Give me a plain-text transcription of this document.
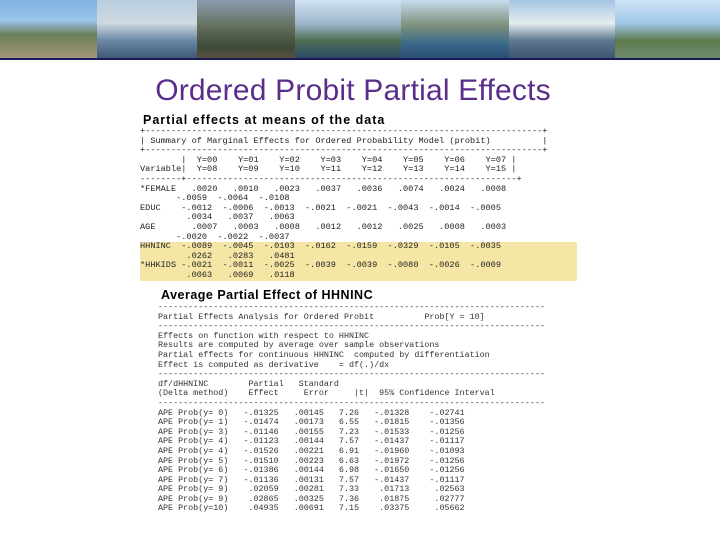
Ordered Probit Partial Effects
Partial effects at means of the data
+-----------------------------------------------------------------------------+
| Summary of Marginal Effects for Ordered Probability Model (probit)          |
+-----------------------------------------------------------------------------+
|  Y=00    Y=01    Y=02    Y=03    Y=04    Y=05    Y=06    Y=07 |
Variable|  Y=08    Y=09    Y=10    Y=11    Y=12    Y=13    Y=14    Y=15 |
--------+----------------------------------------------------------------+
*FEMALE   .0020   .0010   .0023   .0037   .0036   .0074   .0024   .0008
-.0059  -.0064  -.0108
EDUC    -.0012  -.0006  -.0013  -.0021  -.0021  -.0043  -.0014  -.0005
.0034   .0037   .0063
AGE       .0007   .0003   .0008   .0012   .0012   .0025   .0008   .0003
-.0020  -.0022  -.0037
HHNINC  -.0089  -.0045  -.0103  -.0162  -.0159  -.0329  -.0105  -.0035
.0262   .0283   .0481
*HHKIDS -.0021  -.0011  -.0025  -.0039  -.0039  -.0080  -.0026  -.0009
.0063   .0069   .0118
Average Partial Effect of HHNINC
-----------------------------------------------------------------------------
Partial Effects Analysis for Ordered Probit          Prob[Y = 10]
-----------------------------------------------------------------------------
Effects on function with respect to HHNINC
Results are computed by average over sample observations
Partial effects for continuous HHNINC  computed by differentiation
Effect is computed as derivative    = df(.)/dx
-----------------------------------------------------------------------------
df/dHHNINC        Partial   Standard
(Delta method)    Effect     Error     |t|  95% Confidence Interval
-----------------------------------------------------------------------------
APE Prob(y= 0)   -.01325   .00145   7.26   -.01328    -.02741
APE Prob(y= 1)   -.01474   .00173   6.55   -.01815    -.01356
APE Prob(y= 3)   -.01146   .00155   7.23   -.01533    -.01256
APE Prob(y= 4)   -.01123   .00144   7.57   -.01437    -.01117
APE Prob(y= 4)   -.01526   .00221   6.91   -.01960    -.01093
APE Prob(y= 5)   -.01510   .00223   6.63   -.01972    -.01256
APE Prob(y= 6)   -.01386   .00144   6.98   -.01650    -.01256
APE Prob(y= 7)   -.01136   .00131   7.57   -.01437    -.01117
APE Prob(y= 9)    .02059   .00281   7.33    .01713     .02563
APE Prob(y= 9)    .02865   .00325   7.36    .01875     .02777
APE Prob(y=10)    .04935   .00691   7.15    .03375     .05662
